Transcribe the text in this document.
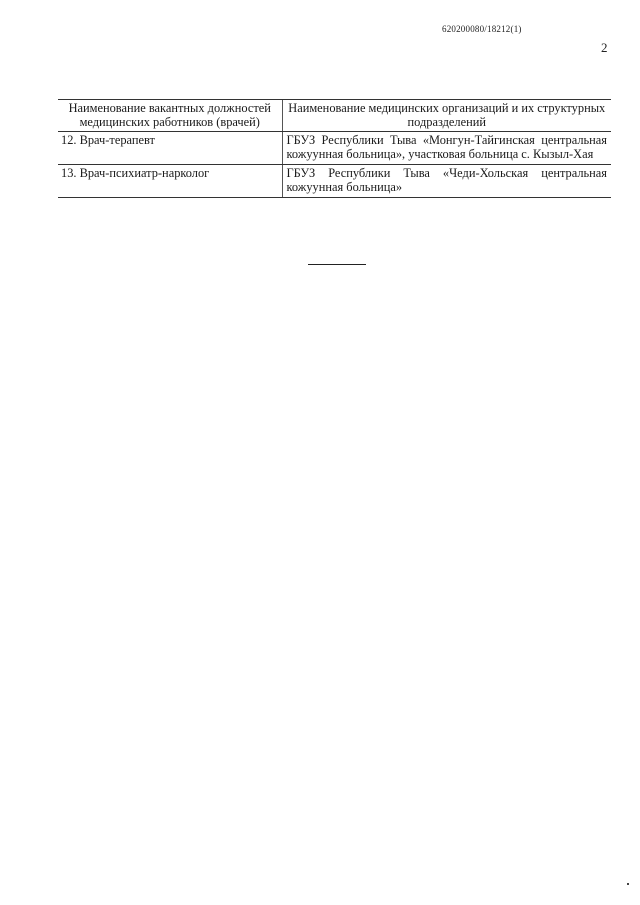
620200080/18212(1)
2
Наименование вакантных должностей медицинских работников (врачей)	Наименование медицинских организаций и их структурных подразделений
12. Врач-терапевт	ГБУЗ Республики Тыва «Монгун-Тайгинская центральная кожуунная больница», участковая больница с. Кызыл-Хая
13. Врач-психиатр-нарколог	ГБУЗ Республики Тыва «Чеди-Хольская центральная кожуунная больница»
